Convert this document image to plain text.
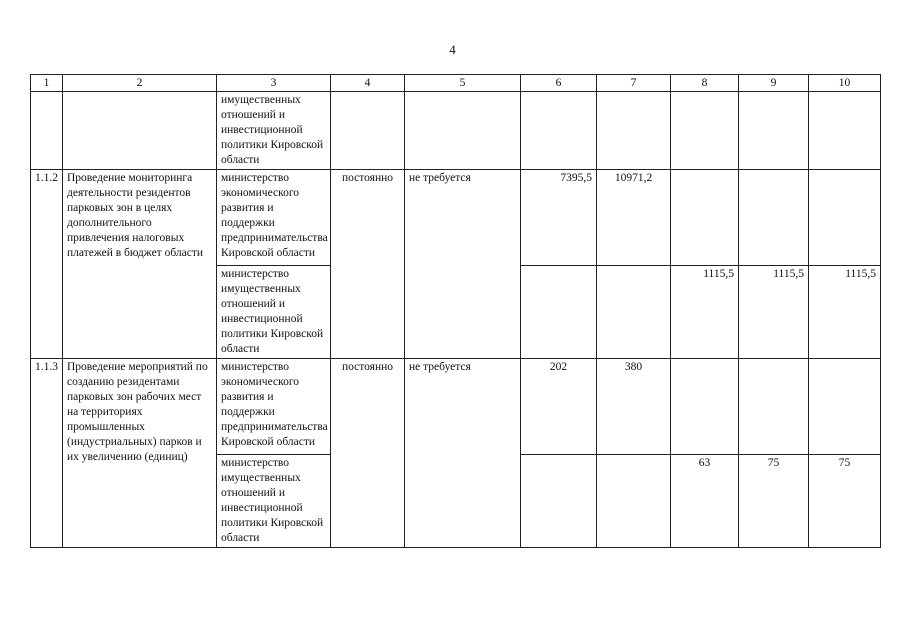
4
1	2	3	4	5	6	7	8	9	10
		имущественных отношений и инвестиционной политики Кировской области							
1.1.2	Проведение мониторинга деятельности резидентов парковых зон в целях дополнительного привлечения налоговых платежей в бюджет области	министерство экономического развития и поддержки предпринимательства Кировской области	постоянно	не требуется	7395,5	10971,2			
		министерство имущественных отношений и инвестиционной политики Кировской области					1115,5	1115,5	1115,5
1.1.3	Проведение мероприятий по созданию резидентами парковых зон рабочих мест на территориях промышленных (индустриальных) парков и их увеличению (единиц)	министерство экономического развития и поддержки предпринимательства Кировской области	постоянно	не требуется	202	380			
		министерство имущественных отношений и инвестиционной политики Кировской области					63	75	75
